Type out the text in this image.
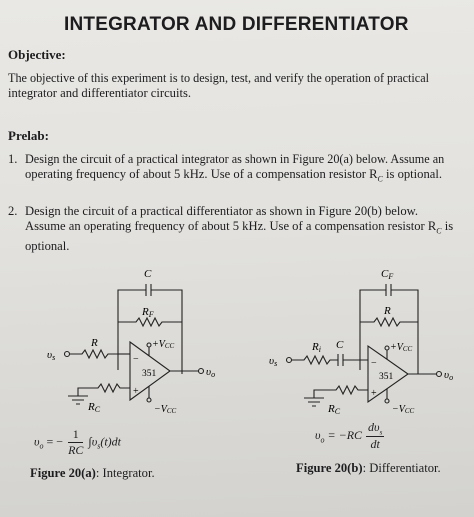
INTEGRATOR AND DIFFERENTIATOR
Objective:
The objective of this experiment is to design, test, and verify the operation of practical
integrator and differentiator circuits.
Prelab:
1. Design the circuit of a practical integrator as shown in Figure 20(a) below. Assume an
operating frequency of about 5 kHz. Use of a compensation resistor $R_C$ is optional.
2. Design the circuit of a practical differentiator as shown in Figure 20(b) below.
Assume an operating frequency of about 5 kHz. Use of a compensation resistor $R_C$ is
optional.
C
RF
R
υs
+VCC
351
−
+
υo
RC	−VCC
$\upsilon_o$ = − $\frac{1}{RC} \int\upsilon_s(t)dt$
Figure 20(a): Integrator.
CF
R
Ri C
υs
+VCC
351
−
+
υo
RC	−VCC
$\upsilon_o = -RC$
$d\upsilon_s$
dt
Figure 20(b): Differentiator.
